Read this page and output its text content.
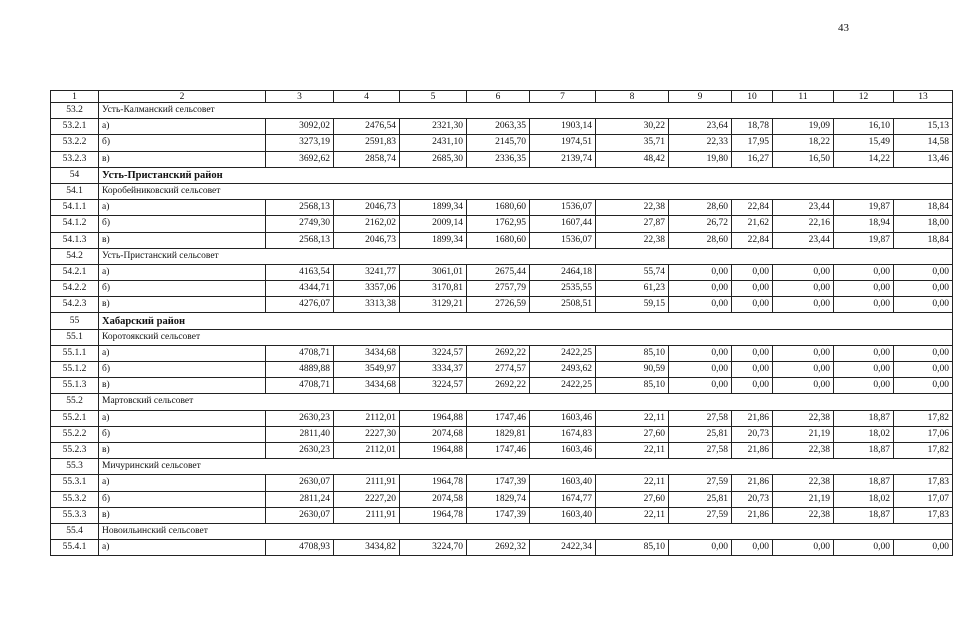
43
1	2	3	4	5	6	7	8	9	10	11	12	13
53.2	Усть-Калманский сельсовет											
53.2.1	а)	3092,02	2476,54	2321,30	2063,35	1903,14	30,22	23,64	18,78	19,09	16,10	15,13
53.2.2	б)	3273,19	2591,83	2431,10	2145,70	1974,51	35,71	22,33	17,95	18,22	15,49	14,58
53.2.3	в)	3692,62	2858,74	2685,30	2336,35	2139,74	48,42	19,80	16,27	16,50	14,22	13,46
54	Усть-Пристанский район											
54.1	Коробейниковский сельсовет											
54.1.1	а)	2568,13	2046,73	1899,34	1680,60	1536,07	22,38	28,60	22,84	23,44	19,87	18,84
54.1.2	б)	2749,30	2162,02	2009,14	1762,95	1607,44	27,87	26,72	21,62	22,16	18,94	18,00
54.1.3	в)	2568,13	2046,73	1899,34	1680,60	1536,07	22,38	28,60	22,84	23,44	19,87	18,84
54.2	Усть-Пристанский сельсовет											
54.2.1	а)	4163,54	3241,77	3061,01	2675,44	2464,18	55,74	0,00	0,00	0,00	0,00	0,00
54.2.2	б)	4344,71	3357,06	3170,81	2757,79	2535,55	61,23	0,00	0,00	0,00	0,00	0,00
54.2.3	в)	4276,07	3313,38	3129,21	2726,59	2508,51	59,15	0,00	0,00	0,00	0,00	0,00
55	Хабарский район											
55.1	Коротоякский сельсовет											
55.1.1	а)	4708,71	3434,68	3224,57	2692,22	2422,25	85,10	0,00	0,00	0,00	0,00	0,00
55.1.2	б)	4889,88	3549,97	3334,37	2774,57	2493,62	90,59	0,00	0,00	0,00	0,00	0,00
55.1.3	в)	4708,71	3434,68	3224,57	2692,22	2422,25	85,10	0,00	0,00	0,00	0,00	0,00
55.2	Мартовский сельсовет											
55.2.1	а)	2630,23	2112,01	1964,88	1747,46	1603,46	22,11	27,58	21,86	22,38	18,87	17,82
55.2.2	б)	2811,40	2227,30	2074,68	1829,81	1674,83	27,60	25,81	20,73	21,19	18,02	17,06
55.2.3	в)	2630,23	2112,01	1964,88	1747,46	1603,46	22,11	27,58	21,86	22,38	18,87	17,82
55.3	Мичуринский сельсовет											
55.3.1	а)	2630,07	2111,91	1964,78	1747,39	1603,40	22,11	27,59	21,86	22,38	18,87	17,83
55.3.2	б)	2811,24	2227,20	2074,58	1829,74	1674,77	27,60	25,81	20,73	21,19	18,02	17,07
55.3.3	в)	2630,07	2111,91	1964,78	1747,39	1603,40	22,11	27,59	21,86	22,38	18,87	17,83
55.4	Новоильинский сельсовет											
55.4.1	а)	4708,93	3434,82	3224,70	2692,32	2422,34	85,10	0,00	0,00	0,00	0,00	0,00
